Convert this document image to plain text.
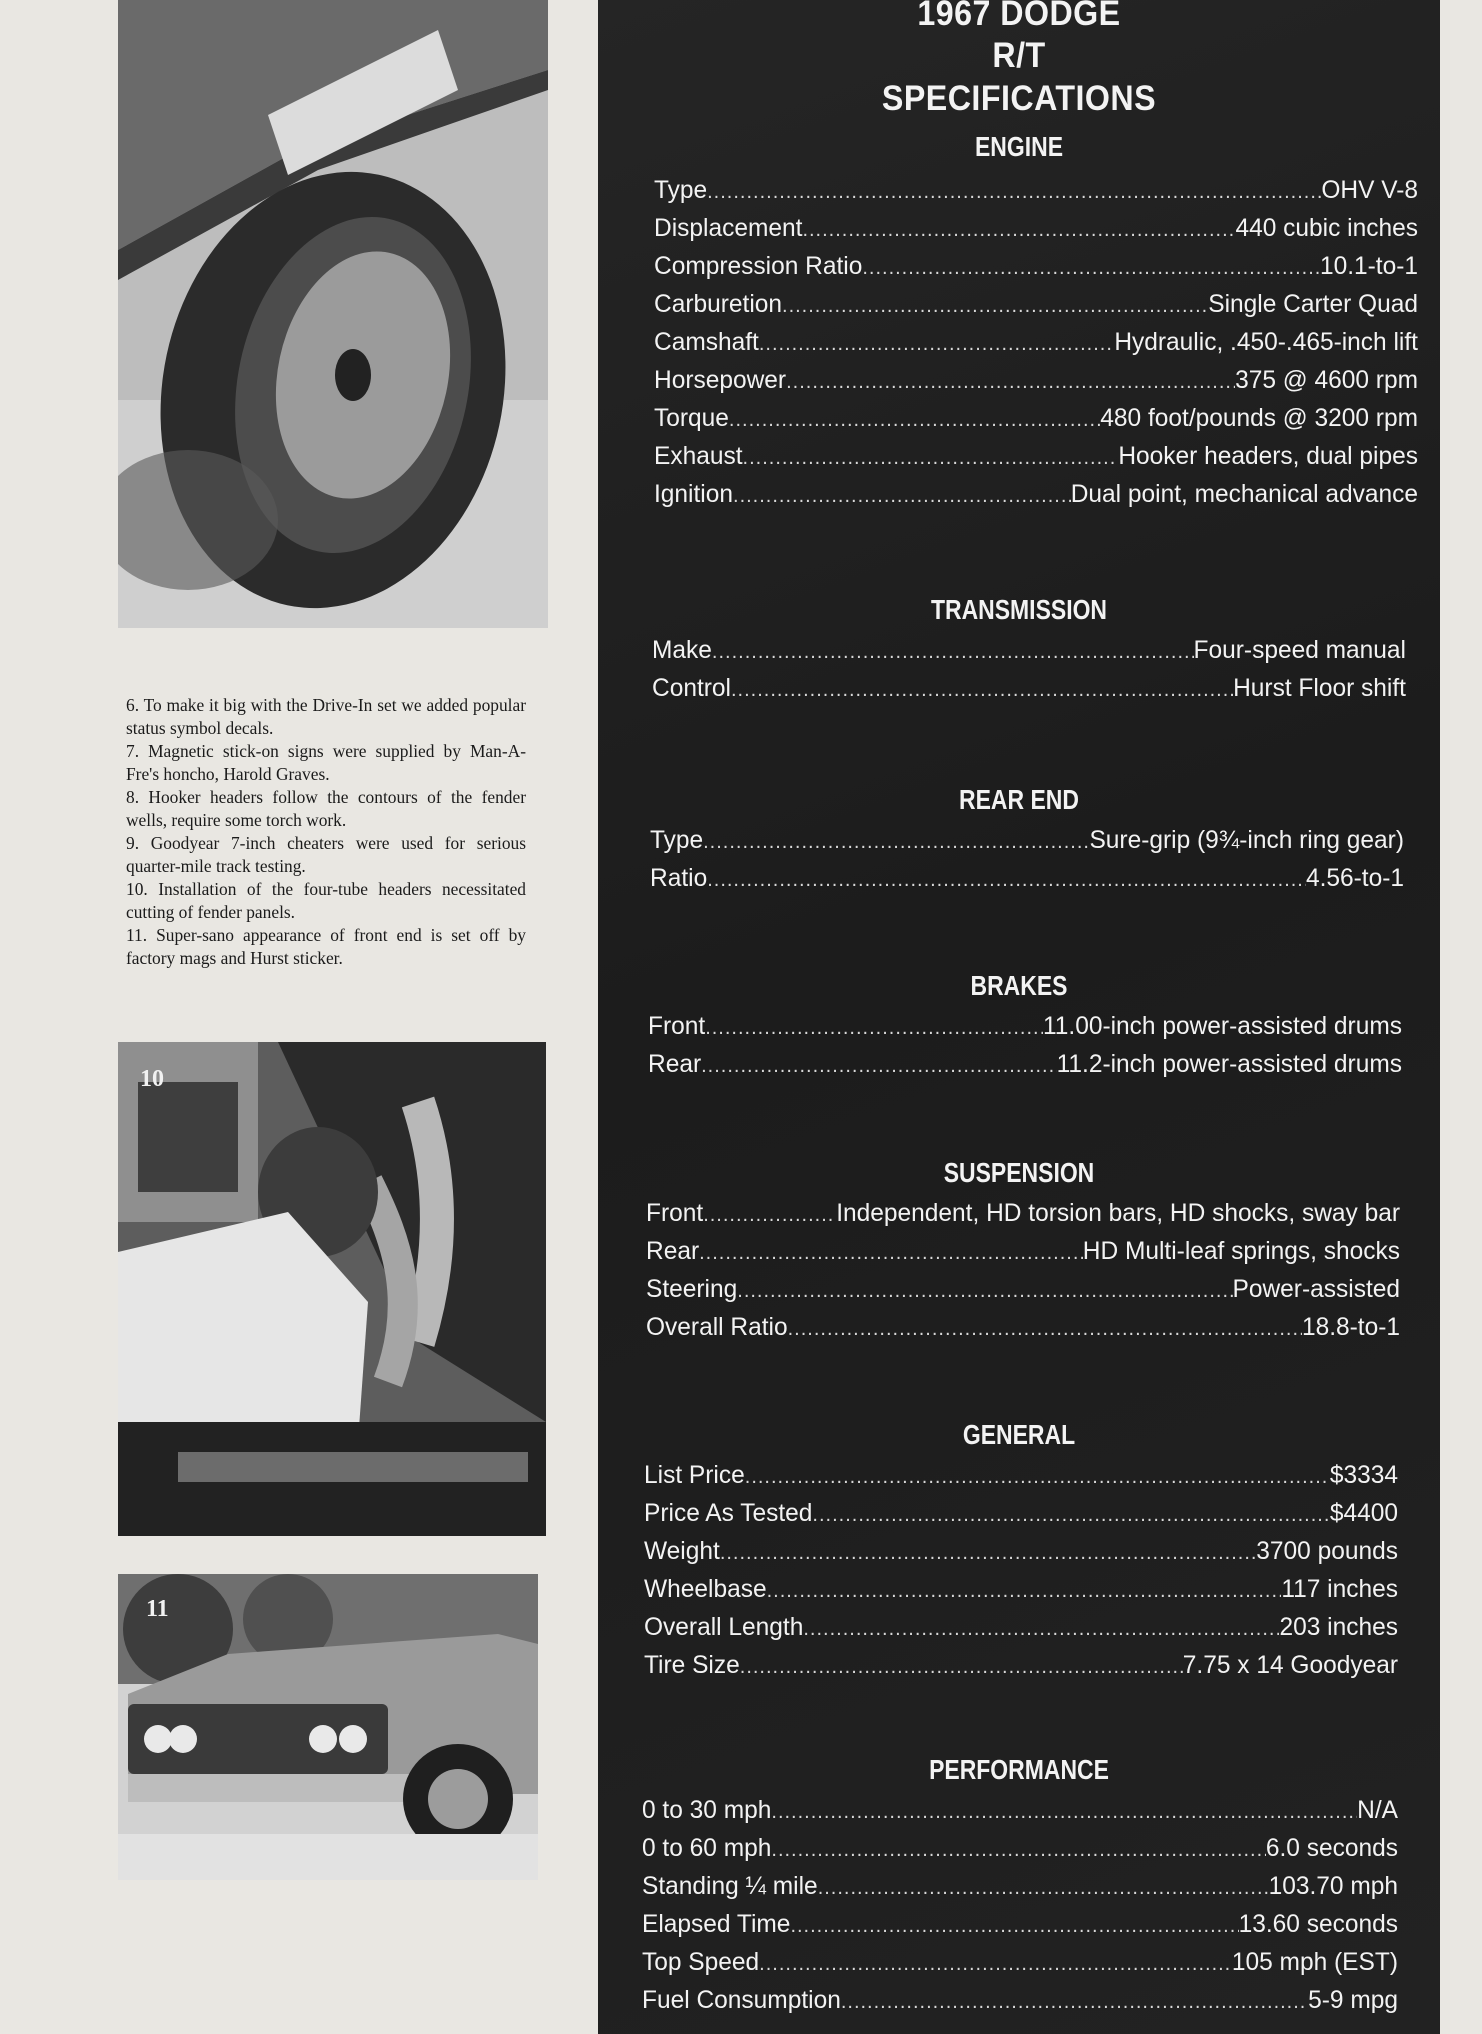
6. To make it big with the Drive-In set we added popular status symbol decals.

7. Magnetic stick-on signs were supplied by Man-A-Fre's honcho, Harold Graves.

8. Hooker headers follow the contours of the fender wells, require some torch work.

9. Goodyear 7-inch cheaters were used for serious quarter-mile track testing.

10. Installation of the four-tube headers necessitated cutting of fender panels.

11. Super-sano appearance of front end is set off by factory mags and Hurst sticker.

10
11
1967 DODGE
R/T
SPECIFICATIONS
ENGINE
Type .....	OHV V-8
Displacement .....	440 cubic inches
Compression Ratio .....	10.1-to-1
Carburetion .....	Single Carter Quad
Camshaft .....	Hydraulic, .450-.465-inch lift
Horsepower .....	375 @ 4600 rpm
Torque .....	480 foot/pounds @ 3200 rpm
Exhaust .....	Hooker headers, dual pipes
Ignition .....	Dual point, mechanical advance
TRANSMISSION
Make .....	Four-speed manual
Control .....	Hurst Floor shift
REAR END
Type .....	Sure-grip (9¾-inch ring gear)
Ratio .....	4.56-to-1
BRAKES
Front .....	11.00-inch power-assisted drums
Rear .....	11.2-inch power-assisted drums
SUSPENSION
Front .....	Independent, HD torsion bars, HD shocks, sway bar
Rear .....	HD Multi-leaf springs, shocks
Steering .....	Power-assisted
Overall Ratio .....	18.8-to-1
GENERAL
List Price .....	$3334
Price As Tested .....	$4400
Weight .....	3700 pounds
Wheelbase .....	117 inches
Overall Length .....	203 inches
Tire Size .....	7.75 x 14 Goodyear
PERFORMANCE
0 to 30 mph .....	N/A
0 to 60 mph .....	6.0 seconds
Standing ¼ mile .....	103.70 mph
Elapsed Time .....	13.60 seconds
Top Speed .....	105 mph (EST)
Fuel Consumption .....	5-9 mpg
